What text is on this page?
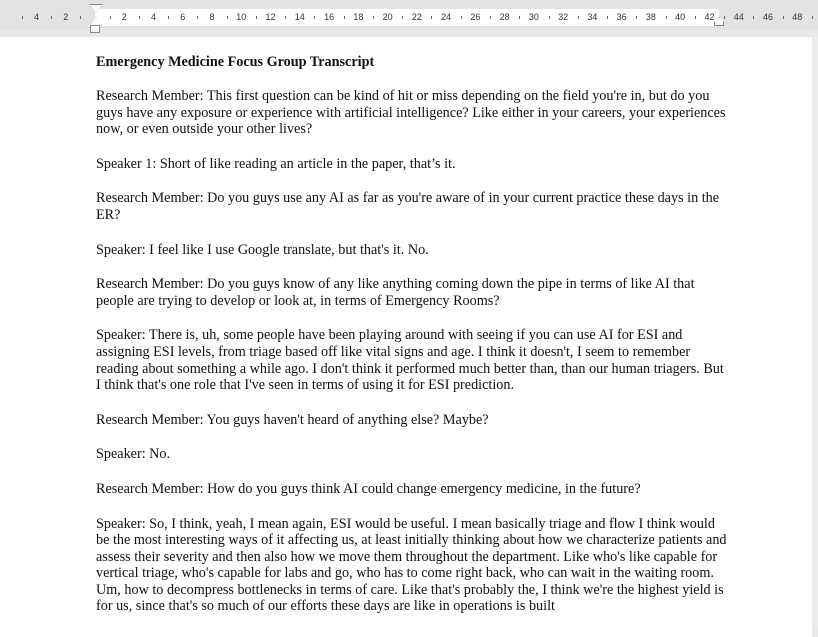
4	2	2	4	6	8 10 12 14 16 18 20 22 24 26 28 30 32 34 36 38 40 42 44 46 48
Emergency Medicine Focus Group Transcript

Research Member: This first question can be kind of hit or miss depending on the field you're in, but do you guys have any exposure or experience with artificial intelligence? Like either in your careers, your experiences now, or even outside your other lives?

Speaker 1: Short of like reading an article in the paper, that’s it.

Research Member: Do you guys use any AI as far as you're aware of in your current practice these days in the ER?

Speaker: I feel like I use Google translate, but that's it. No.

Research Member: Do you guys know of any like anything coming down the pipe in terms of like AI that people are trying to develop or look at, in terms of Emergency Rooms?

Speaker: There is, uh, some people have been playing around with seeing if you can use AI for ESI and assigning ESI levels, from triage based off like vital signs and age. I think it doesn't, I seem to remember reading about something a while ago. I don't think it performed much better than, than our human triagers. But I think that's one role that I've seen in terms of using it for ESI prediction.

Research Member: You guys haven't heard of anything else? Maybe?

Speaker: No.

Research Member: How do you guys think AI could change emergency medicine, in the future?

Speaker: So, I think, yeah, I mean again, ESI would be useful. I mean basically triage and flow I think would be the most interesting ways of it affecting us, at least initially thinking about how we characterize patients and assess their severity and then also how we move them throughout the department. Like who's like capable for vertical triage, who's capable for labs and go, who has to come right back, who can wait in the waiting room. Um, how to decompress bottlenecks in terms of care. Like that's probably the, I think we're the highest yield is for us, since that's so much of our efforts these days are like in operations is built
